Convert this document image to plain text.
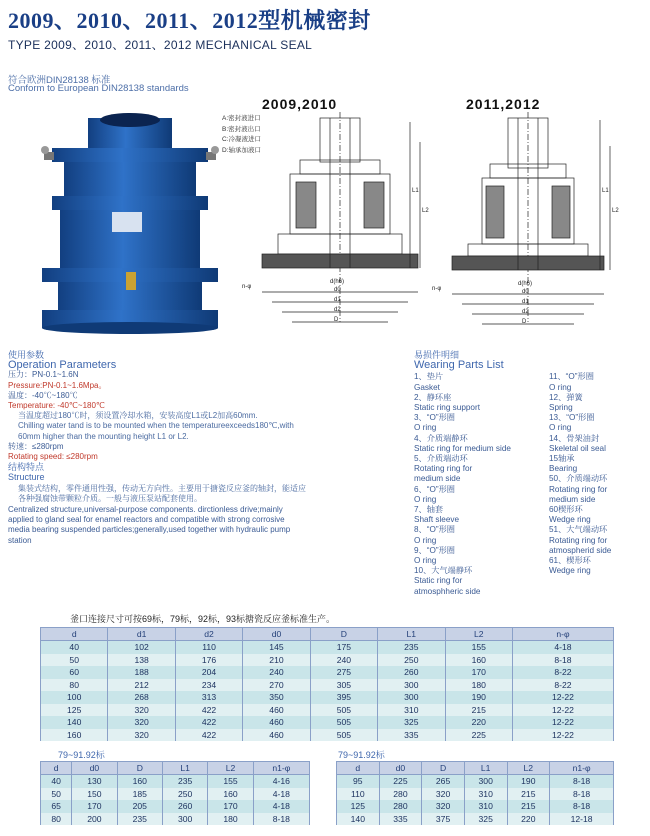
2009、2010、2011、2012型机械密封
TYPE 2009、2010、2011、2012 MECHANICAL SEAL
符合欧洲DIN28138 标准
Conform to European DIN28138 standards
2009,2010	2011,2012
A:密封液进口
B:密封液出口
C:冷凝液进口
D:轴承加液口
d(h6)
d0
d1
d2
D
L1
L2
n-φ	d(h6)
d0
d1
d2
D
L1
L2
n-φ
使用参数
Operation Parameters
压力：PN-0.1~1.6N
Pressure:PN-0.1~1.6Mpa。
温度：-40℃~180℃
Temperature: -40℃~180℃
当温度超过180℃时，须设置冷却水箱，安装高度L1或L2加高60mm.
Chilling water tand is to be mounted when the temperatureexceeds180℃,with 60mm higher than the mounting height L1 or L2.
转速：≤280rpm
Rotating speed: ≤280rpm
结构特点
Structure
集装式结构，零件通用性强，传动无方向性。主要用于搪瓷反应釜的轴封，能适应各种强腐蚀带颗粒介质。一般与液压泵站配套使用。
Centralized structure,universal-purpose components. dirctionless drive;mainly applied to gland seal for enamel reactors and compatible with strong corrosive media bearing suspended particles;generally,used together with hydraulic pump station
易损件明细
Wearing Parts List
1、垫片
Gasket
2、静环座
Static ring support
3、“O”形圈
O ring
4、介质端静环
Static ring for medium side
5、介质端动环
Rotating ring for
medium side
6、“O”形圈
O ring
7、轴套
Shaft sleeve
8、“O”形圈
O ring
9、“O”形圈
O ring
10、大气端静环
Static ring for
atmosphheric side
11、“O”形圈
O ring
12、弹簧
Spring
13、“O”形圈
O ring
14、骨架油封
Skeletal oil seal
15轴承
Bearing
50、介质端动环
Rotating ring for
medium side
60楔形环
Wedge ring
51、大气端动环
Rotating ring for
atmospherid side
61、楔形环
Wedge ring
釜口连接尺寸可按69标，79标，92标，93标搪瓷反应釜标准生产。
d	d1	d2	d0	D	L1	L2	n-φ
40	102	110	145	175	235	155	4-18
50	138	176	210	240	250	160	8-18
60	188	204	240	275	260	170	8-22
80	212	234	270	305	300	180	8-22
100	268	313	350	395	300	190	12-22
125	320	422	460	505	310	215	12-22
140	320	422	460	505	325	220	12-22
160	320	422	460	505	335	225	12-22
79~91.92标	79~91.92标
d	d0	D	L1	L2	n1-φ
40	130	160	235	155	4-16
50	150	185	250	160	4-18
65	170	205	260	170	4-18
80	200	235	300	180	8-18
d	d0	D	L1	L2	n1-φ
95	225	265	300	190	8-18
110	280	320	310	215	8-18
125	280	320	310	215	8-18
140	335	375	325	220	12-18
